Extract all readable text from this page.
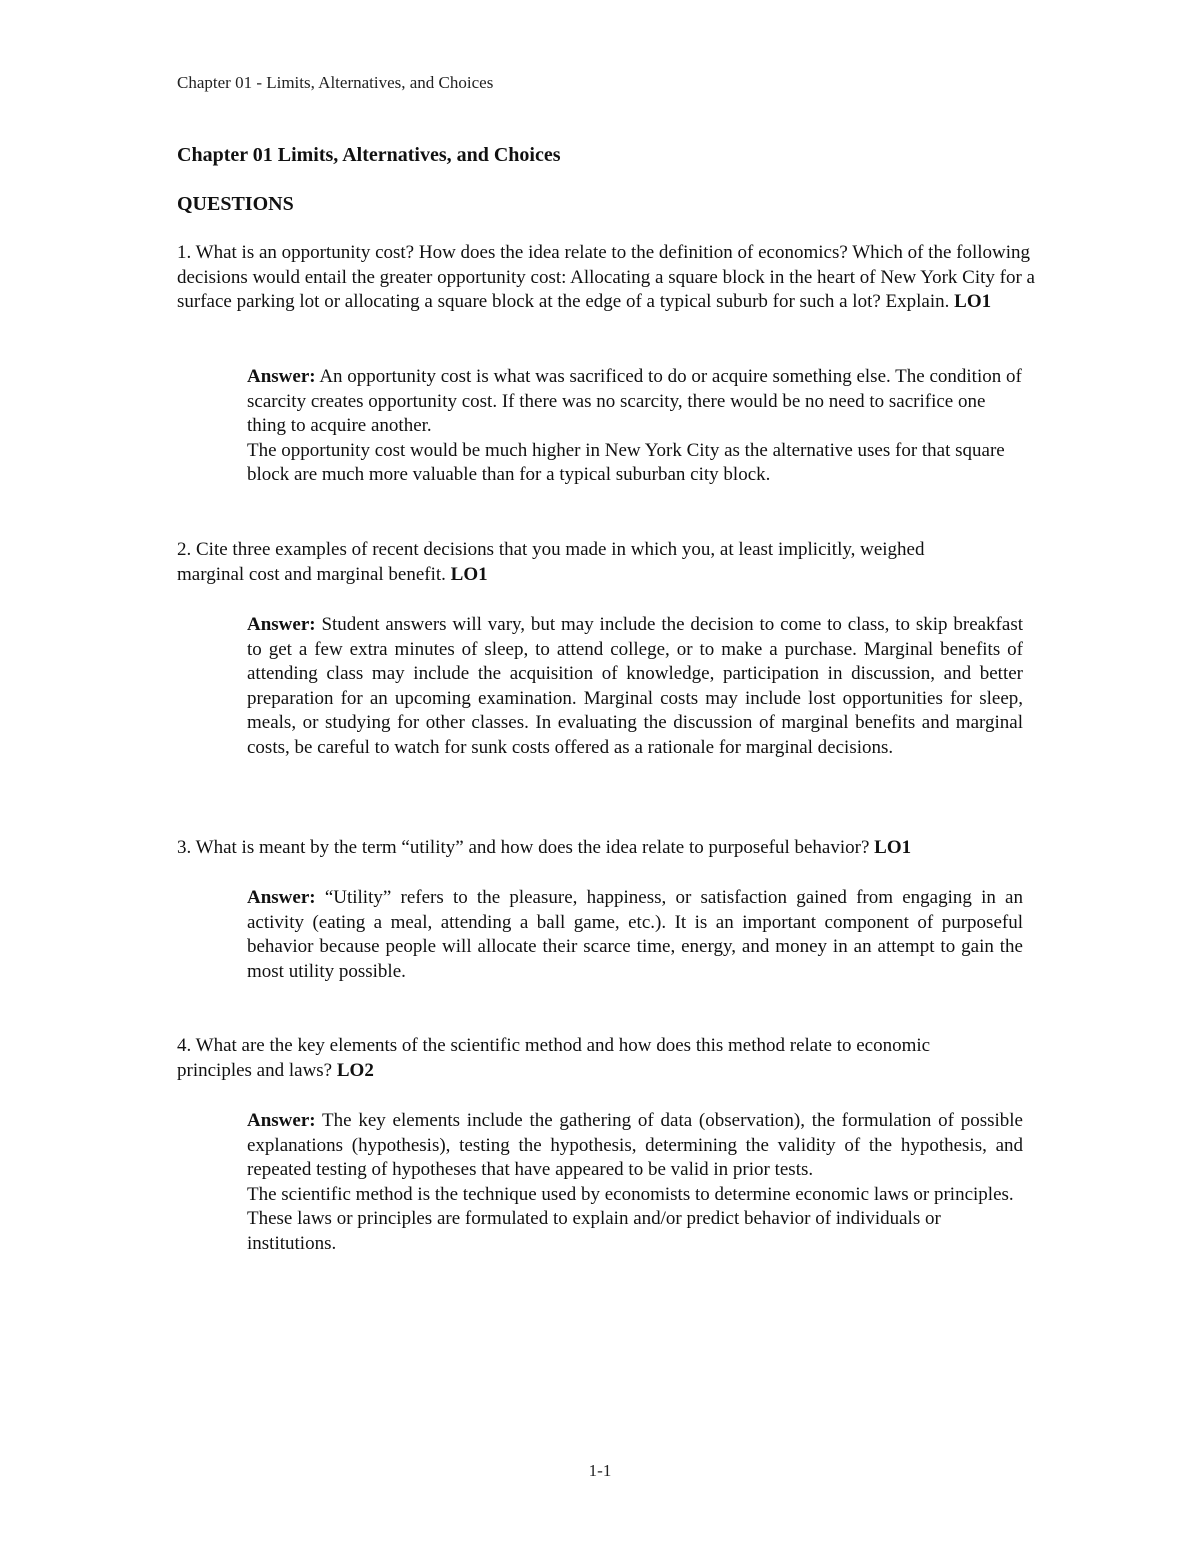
Chapter 01 - Limits, Alternatives, and Choices
Chapter 01 Limits, Alternatives, and Choices
QUESTIONS
1. What is an opportunity cost? How does the idea relate to the definition of economics? Which of the following decisions would entail the greater opportunity cost: Allocating a square block in the heart of New York City for a surface parking lot or allocating a square block at the edge of a typical suburb for such a lot? Explain. LO1

Answer: An opportunity cost is what was sacrificed to do or acquire something else. The condition of scarcity creates opportunity cost. If there was no scarcity, there would be no need to sacrifice one thing to acquire another.

The opportunity cost would be much higher in New York City as the alternative uses for that square block are much more valuable than for a typical suburban city block.

2. Cite three examples of recent decisions that you made in which you, at least implicitly, weighed marginal cost and marginal benefit. LO1

Answer: Student answers will vary, but may include the decision to come to class, to skip breakfast to get a few extra minutes of sleep, to attend college, or to make a purchase. Marginal benefits of attending class may include the acquisition of knowledge, participation in discussion, and better preparation for an upcoming examination. Marginal costs may include lost opportunities for sleep, meals, or studying for other classes. In evaluating the discussion of marginal benefits and marginal costs, be careful to watch for sunk costs offered as a rationale for marginal decisions.

3. What is meant by the term “utility” and how does the idea relate to purposeful behavior? LO1

Answer: “Utility” refers to the pleasure, happiness, or satisfaction gained from engaging in an activity (eating a meal, attending a ball game, etc.). It is an important component of purposeful behavior because people will allocate their scarce time, energy, and money in an attempt to gain the most utility possible.

4. What are the key elements of the scientific method and how does this method relate to economic principles and laws? LO2

Answer: The key elements include the gathering of data (observation), the formulation of possible explanations (hypothesis), testing the hypothesis, determining the validity of the hypothesis, and repeated testing of hypotheses that have appeared to be valid in prior tests.

The scientific method is the technique used by economists to determine economic laws or principles. These laws or principles are formulated to explain and/or predict behavior of individuals or institutions.

1-1
